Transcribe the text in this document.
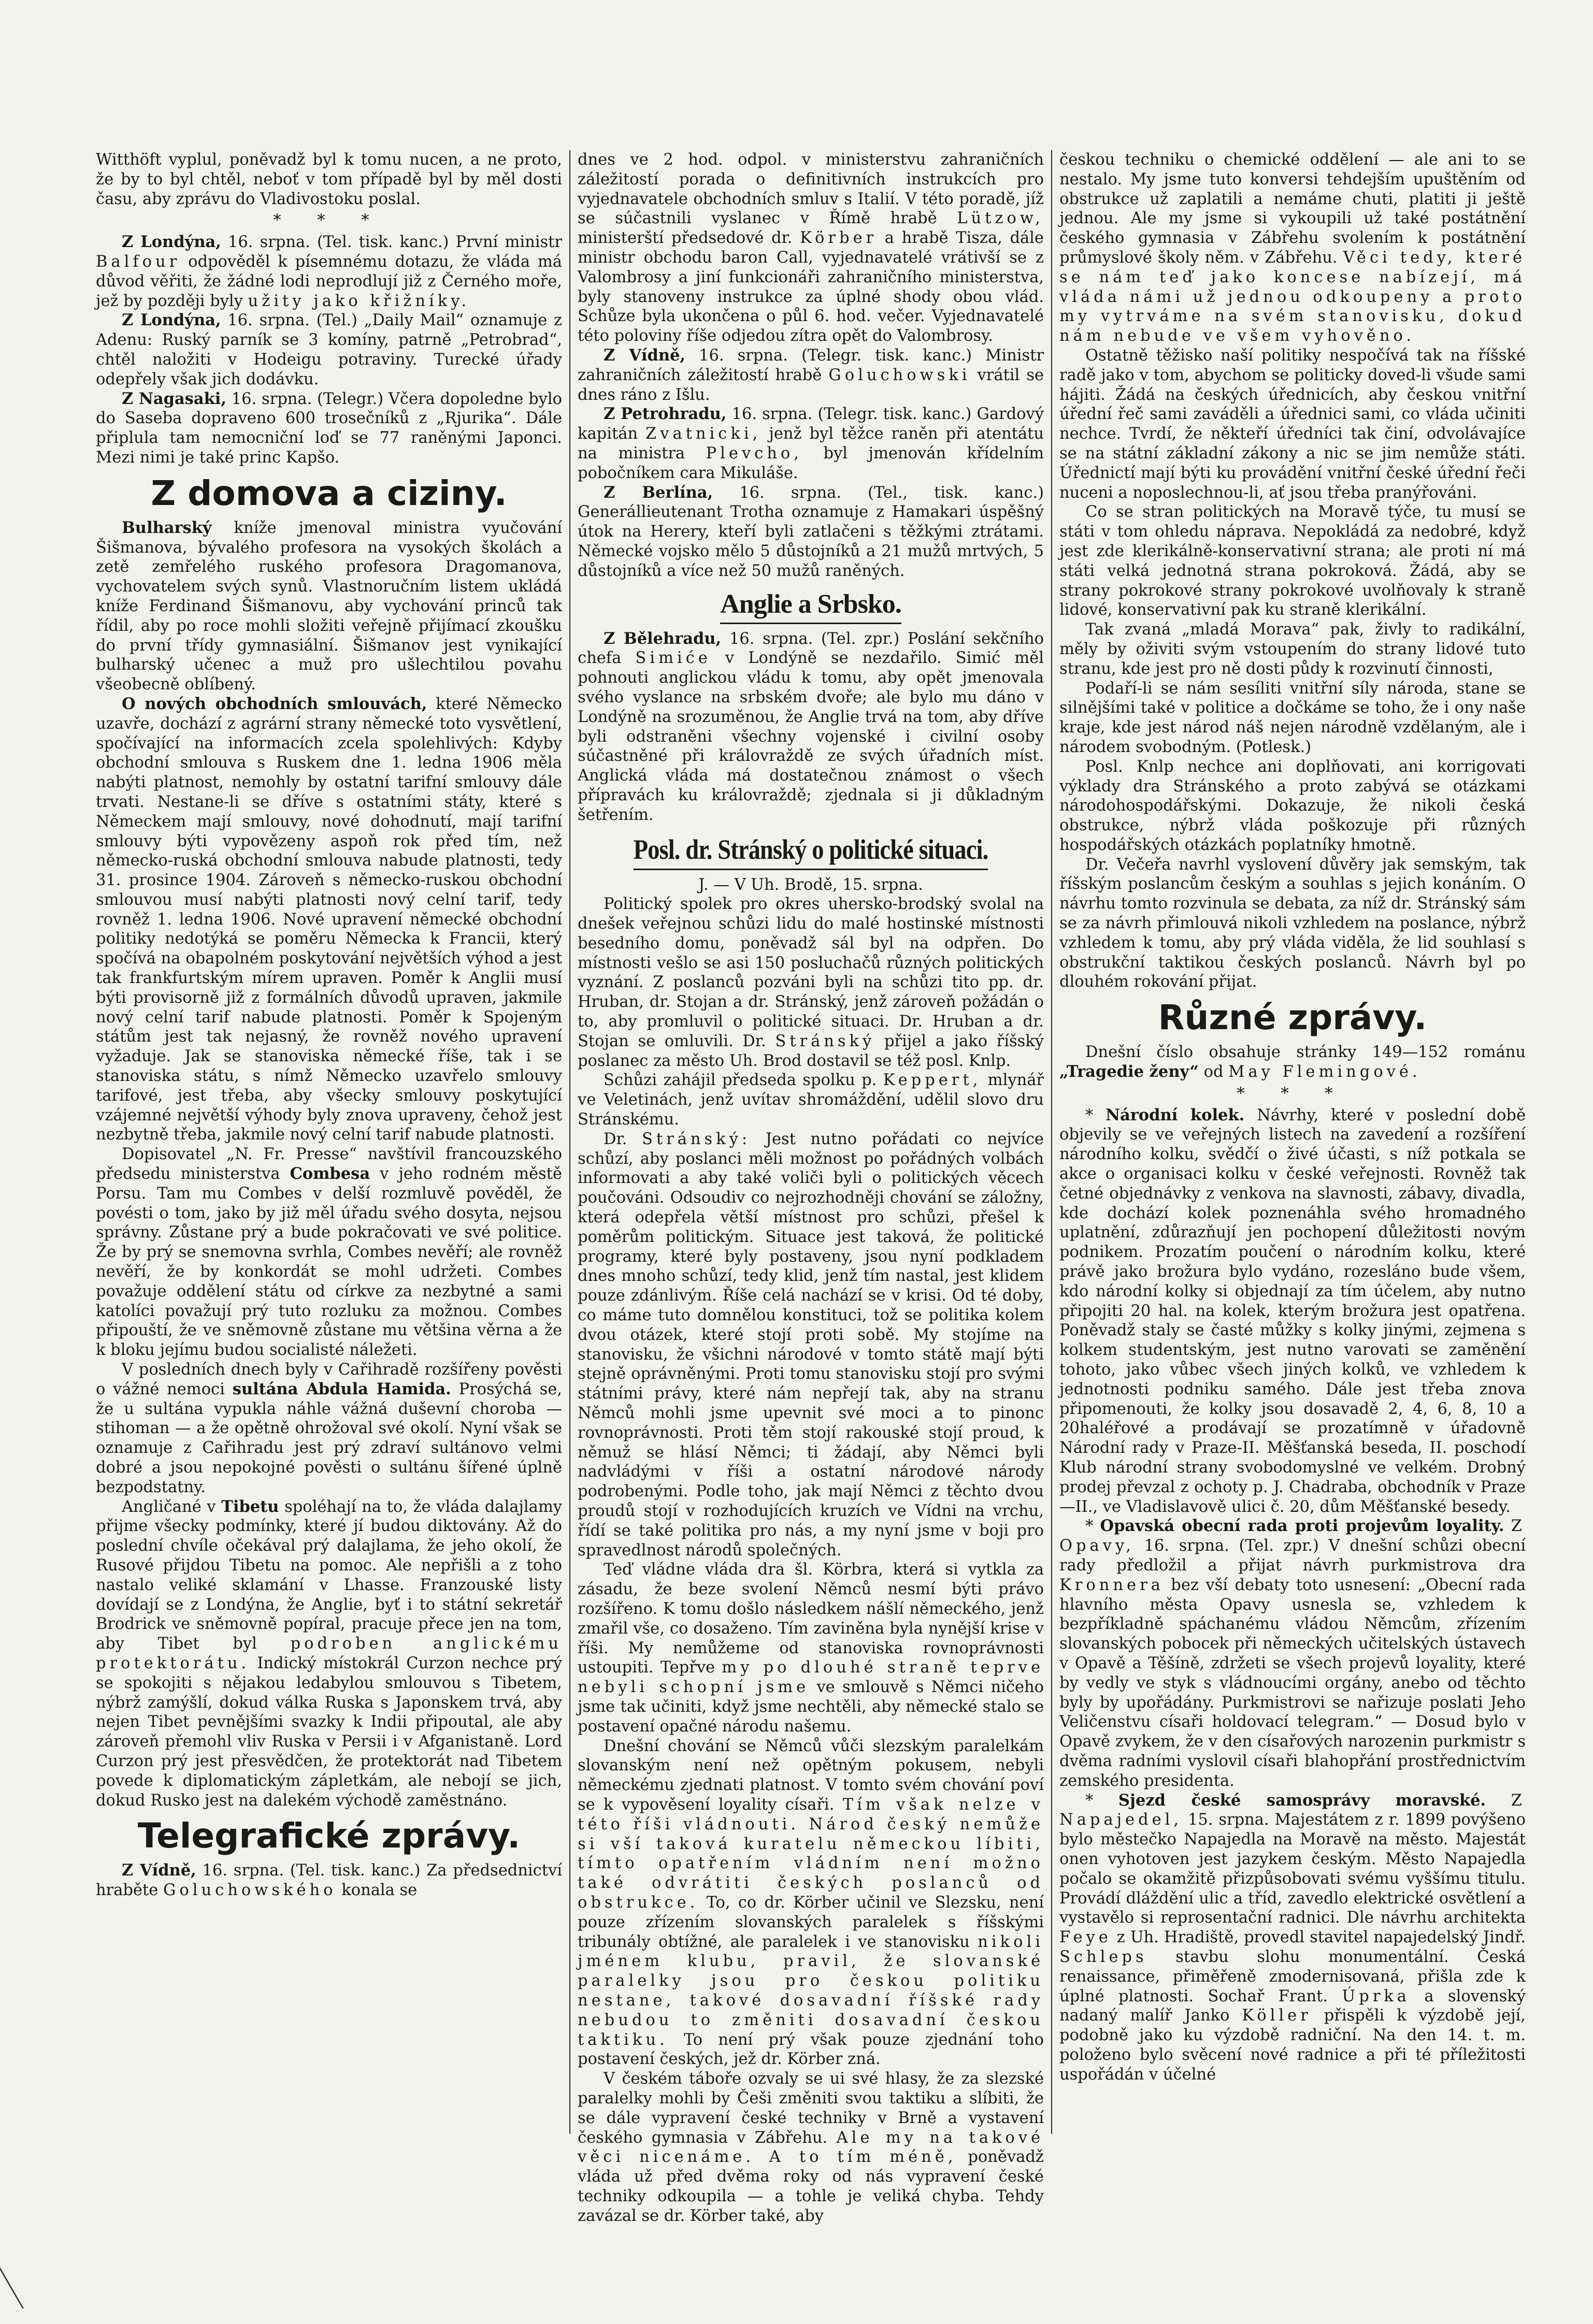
Witthöft vyplul, poněvadž byl k tomu nucen, a ne proto, že by to byl chtěl, neboť v tom případě byl by měl dosti času, aby zprávu do Vladivostoku poslal.

* * *

Z Londýna, 16. srpna. (Tel. tisk. kanc.) První ministr Balfour odpověděl k písemnému dotazu, že vláda má důvod věřiti, že žádné lodi neprodlují již z Černého moře, jež by později byly užity jako křižníky.

Z Londýna, 16. srpna. (Tel.) „Daily Mail“ oznamuje z Adenu: Ruský parník se 3 komíny, patrně „Petrobrad“, chtěl naložiti v Hodeigu potraviny. Turecké úřady odepřely však jich dodávku.

Z Nagasaki, 16. srpna. (Telegr.) Včera dopoledne bylo do Saseba dopraveno 600 trosečníků z „Rjurika“. Dále připlula tam nemocniční loď se 77 raněnými Japonci. Mezi nimi je také princ Kapšo.

Z domova a ciziny.

Bulharský kníže jmenoval ministra vyučování Šišmanova, bývalého profesora na vysokých školách a zetě zemřelého ruského profesora Dragomanova, vychovatelem svých synů. Vlastnoručním listem ukládá kníže Ferdinand Šišmanovu, aby vychování princů tak řídil, aby po roce mohli složiti veřejně přijímací zkoušku do první třídy gymnasiální. Šišmanov jest vynikající bulharský učenec a muž pro ušlechtilou povahu všeobecně oblíbený.

O nových obchodních smlouvách, které Německo uzavře, dochází z agrární strany německé toto vysvětlení, spočívající na informacích zcela spolehlivých: Kdyby obchodní smlouva s Ruskem dne 1. ledna 1906 měla nabýti platnost, nemohly by ostatní tarifní smlouvy dále trvati. Nestane-li se dříve s ostatními státy, které s Německem mají smlouvy, nové dohodnutí, mají tarifní smlouvy býti vypovězeny aspoň rok před tím, než německo-ruská obchodní smlouva nabude platnosti, tedy 31. prosince 1904. Zároveň s německo-ruskou obchodní smlouvou musí nabýti platnosti nový celní tarif, tedy rovněž 1. ledna 1906. Nové upravení německé obchodní politiky nedotýká se poměru Německa k Francii, který spočívá na obapolném poskytování největších výhod a jest tak frankfurtským mírem upraven. Poměr k Anglii musí býti provisorně již z formálních důvodů upraven, jakmile nový celní tarif nabude platnosti. Poměr k Spojeným státům jest tak nejasný, že rovněž nového upravení vyžaduje. Jak se stanoviska německé říše, tak i se stanoviska státu, s nímž Německo uzavřelo smlouvy tarifové, jest třeba, aby všecky smlouvy poskytující vzájemné největší výhody byly znova upraveny, čehož jest nezbytně třeba, jakmile nový celní tarif nabude platnosti.

Dopisovatel „N. Fr. Presse“ navštívil francouzského předsedu ministerstva Combesa v jeho rodném městě Porsu. Tam mu Combes v delší rozmluvě pověděl, že povésti o tom, jako by již měl úřadu svého dosyta, nejsou správny. Zůstane prý a bude pokračovati ve své politice. Že by prý se snemovna svrhla, Combes nevěří; ale rovněž nevěří, že by konkordát se mohl udržeti. Combes považuje oddělení státu od církve za nezbytné a sami katolíci považují prý tuto rozluku za možnou. Combes připouští, že ve sněmovně zůstane mu většina věrna a že k bloku jejímu budou socialisté náležeti.

V posledních dnech byly v Cařihradě rozšířeny pověsti o vážné nemoci sultána Abdula Hamida. Prosýchá se, že u sultána vypukla náhle vážná duševní choroba — stihoman — a že opětně ohrožoval své okolí. Nyní však se oznamuje z Cařihradu jest prý zdraví sultánovo velmi dobré a jsou nepokojné pověsti o sultánu šířené úplně bezpodstatny.

Angličané v Tibetu spoléhají na to, že vláda dalajlamy přijme všecky podmínky, které jí budou diktovány. Až do poslední chvíle očekával prý dalajlama, že jeho okolí, že Rusové přijdou Tibetu na pomoc. Ale nepřišli a z toho nastalo veliké sklamání v Lhasse. Franzouské listy dovídají se z Londýna, že Anglie, byť i to státní sekretář Brodrick ve sněmovně popíral, pracuje přece jen na tom, aby Tibet byl podroben anglickému protektorátu. Indický místokrál Curzon nechce prý se spokojiti s nějakou ledabylou smlouvou s Tibetem, nýbrž zamýšlí, dokud válka Ruska s Japonskem trvá, aby nejen Tibet pevnějšími svazky k Indii připoutal, ale aby zároveň přemohl vliv Ruska v Persii i v Afganistaně. Lord Curzon prý jest přesvědčen, že protektorát nad Tibetem povede k diplomatickým zápletkám, ale nebojí se jich, dokud Rusko jest na dalekém východě zaměstnáno.

Telegrafické zprávy.

Z Vídně, 16. srpna. (Tel. tisk. kanc.) Za předsednictví hraběte Goluchowského konala se

dnes ve 2 hod. odpol. v ministerstvu zahraničních záležitostí porada o definitivních instrukcích pro vyjednavatele obchodních smluv s Italií. V této poradě, jíž se súčastnili vyslanec v Římě hrabě Lützow, ministerští předsedové dr. Körber a hrabě Tisza, dále ministr obchodu baron Call, vyjednavatelé vrátivší se z Valombrosy a jiní funkcionáři zahraničního ministerstva, byly stanoveny instrukce za úplné shody obou vlád. Schůze byla ukončena o půl 6. hod. večer. Vyjednavatelé této poloviny říše odjedou zítra opět do Valombrosy.

Z Vídně, 16. srpna. (Telegr. tisk. kanc.) Ministr zahraničních záležitostí hrabě Goluchowski vrátil se dnes ráno z Išlu.

Z Petrohradu, 16. srpna. (Telegr. tisk. kanc.) Gardový kapitán Zvatnicki, jenž byl těžce raněn při atentátu na ministra Plevcho, byl jmenován křídelním pobočníkem cara Mikuláše.

Z Berlína, 16. srpna. (Tel., tisk. kanc.) Generállieutenant Trotha oznamuje z Hamakari úspěšný útok na Herery, kteří byli zatlačeni s těžkými ztrátami. Německé vojsko mělo 5 důstojníků a 21 mužů mrtvých, 5 důstojníků a více než 50 mužů raněných.

Anglie a Srbsko.

Z Bělehradu, 16. srpna. (Tel. zpr.) Poslání sekčního chefa Simiće v Londýně se nezdařilo. Simić měl pohnouti anglickou vládu k tomu, aby opět jmenovala svého vyslance na srbském dvoře; ale bylo mu dáno v Londýně na srozuměnou, že Anglie trvá na tom, aby dříve byli odstraněni všechny vojenské i civilní osoby súčastněné při královraždě ze svých úřadních míst. Anglická vláda má dostatečnou známost o všech přípravách ku královraždě; zjednala si ji důkladným šetřením.

Posl. dr. Stránský o politické situaci.

J. — V Uh. Brodě, 15. srpna.

Politický spolek pro okres uhersko-brodský svolal na dnešek veřejnou schůzi lidu do malé hostinské místnosti besedního domu, poněvadž sál byl na odpřen. Do místnosti vešlo se asi 150 posluchačů různých politických vyznání. Z poslanců pozváni byli na schůzi tito pp. dr. Hruban, dr. Stojan a dr. Stránský, jenž zároveň požádán o to, aby promluvil o politické situaci. Dr. Hruban a dr. Stojan se omluvili. Dr. Stránský přijel a jako říšský poslanec za město Uh. Brod dostavil se též posl. Knlp.

Schůzi zahájil předseda spolku p. Keppert, mlynář ve Veletinách, jenž uvítav shromáždění, udělil slovo dru Stránskému.

Dr. Stránský: Jest nutno pořádati co nejvíce schůzí, aby poslanci měli možnost po pořádných volbách informovati a aby také voliči byli o politických věcech poučováni. Odsoudiv co nejrozhodněji chování se záložny, která odepřela větší místnost pro schůzi, přešel k poměrům politickým. Situace jest taková, že politické programy, které byly postaveny, jsou nyní podkladem dnes mnoho schůzí, tedy klid, jenž tím nastal, jest klidem pouze zdánlivým. Říše celá nachází se v krisi. Od té doby, co máme tuto domnělou konstituci, tož se politika kolem dvou otázek, které stojí proti sobě. My stojíme na stanovisku, že všichni národové v tomto státě mají býti stejně oprávněnými. Proti tomu stanovisku stojí pro svými státními právy, které nám nepřejí tak, aby na stranu Němců mohli jsme upevnit své moci a to pinonc rovnoprávnosti. Proti těm stojí rakouské stojí proud, k němuž se hlásí Němci; ti žádají, aby Němci byli nadvládými v říši a ostatní národové národy podrobenými. Podle toho, jak mají Němci z těchto dvou proudů stojí v rozhodujících kruzích ve Vídni na vrchu, řídí se také politika pro nás, a my nyní jsme v boji pro spravedlnost národů společných.

Teď vládne vláda dra šl. Körbra, která si vytkla za zásadu, že beze svolení Němců nesmí býti právo rozšířeno. K tomu došlo následkem nášlí německého, jenž zmařil vše, co dosaženo. Tím zaviněna byla nynější krise v říši. My nemůžeme od stanoviska rovnoprávnosti ustoupiti. Tepřve my po dlouhé straně teprve nebyli schopní jsme ve smlouvě s Němci ničeho jsme tak učiniti, když jsme nechtěli, aby německé stalo se postavení opačné národu našemu.

Dnešní chování se Němců vůči slezským paralelkám slovanským není než opětným pokusem, nebyli německému zjednati platnost. V tomto svém chování poví se k vypověsení loyality císaři. Tím však nelze v této říši vládnouti. Národ český nemůže si vší taková kuratelu německou líbiti, tímto opatřením vládním není možno také odvrátiti českých poslanců od obstrukce. To, co dr. Körber učinil ve Slezsku, není pouze zřízením slovanských paralelek s říšskými tribunály obtížné, ale paralelek i ve stanovisku nikoli jménem klubu, pravil, že slovanské paralelky jsou pro českou politiku nestane, takové dosavadní říšské rady nebudou to změniti dosavadní českou taktiku. To není prý však pouze zjednání toho postavení českých, jež dr. Körber zná.

V českém táboře ozvaly se ui své hlasy, že za slezské paralelky mohli by Češi změniti svou taktiku a slíbiti, že se dále vypravení české techniky v Brně a vystavení českého gymnasia v Zábřehu. Ale my na takové věci nicenáme. A to tím méně, poněvadž vláda už před dvěma roky od nás vypravení české techniky odkoupila — a tohle je veliká chyba. Tehdy zavázal se dr. Körber také, aby

českou techniku o chemické oddělení — ale ani to se nestalo. My jsme tuto konversi tehdejším upuštěním od obstrukce už zaplatili a nemáme chuti, platiti ji ještě jednou. Ale my jsme si vykoupili už také postátnění českého gymnasia v Zábřehu svolením k postátnění průmyslové školy něm. v Zábřehu. Věci tedy, které se nám teď jako koncese nabízejí, má vláda námi už jednou odkoupeny a proto my vytrváme na svém stanovisku, dokud nám nebude ve všem vyhověno.

Ostatně těžisko naší politiky nespočívá tak na říšské radě jako v tom, abychom se politicky doved-li všude sami hájiti. Žádá na českých úřednicích, aby českou vnitřní úřední řeč sami zaváděli a úřednici sami, co vláda učiniti nechce. Tvrdí, že někteří úředníci tak činí, odvolávajíce se na státní základní zákony a nic se jim nemůže státi. Úřednictí mají býti ku provádění vnitřní české úřední řeči nuceni a noposlechnou-li, ať jsou třeba pranýřováni.

Co se stran politických na Moravě týče, tu musí se státi v tom ohledu náprava. Nepokládá za nedobré, když jest zde klerikálně-konservativní strana; ale proti ní má státi velká jednotná strana pokroková. Žádá, aby se strany pokrokové strany pokrokové uvolňovaly k straně lidové, konservativní pak ku straně klerikální.

Tak zvaná „mladá Morava“ pak, živly to radikální, měly by oživiti svým vstoupením do strany lidové tuto stranu, kde jest pro ně dosti půdy k rozvinutí činnosti,

Podaří-li se nám sesíliti vnitřní síly národa, stane se silnějšími také v politice a dočkáme se toho, že i ony naše kraje, kde jest národ náš nejen národně vzdělaným, ale i národem svobodným. (Potlesk.)

Posl. Knlp nechce ani doplňovati, ani korrigovati výklady dra Stránského a proto zabývá se otázkami národohospodářskými. Dokazuje, že nikoli česká obstrukce, nýbrž vláda poškozuje při různých hospodářských otázkách poplatníky hmotně.

Dr. Večeřa navrhl vyslovení důvěry jak semským, tak říšským poslancům českým a souhlas s jejich konáním. O návrhu tomto rozvinula se debata, za níž dr. Stránský sám se za návrh přimlouvá nikoli vzhledem na poslance, nýbrž vzhledem k tomu, aby prý vláda viděla, že lid souhlasí s obstrukční taktikou českých poslanců. Návrh byl po dlouhém rokování přijat.

Různé zprávy.

Dnešní číslo obsahuje stránky 149—152 románu „Tragedie ženy“ od May Flemingové.

* * *

* Národní kolek. Návrhy, které v poslední době objevily se ve veřejných listech na zavedení a rozšíření národního kolku, svědčí o živé účasti, s níž potkala se akce o organisaci kolku v české veřejnosti. Rovněž tak četné objednávky z venkova na slavnosti, zábavy, divadla, kde dochází kolek poznenáhla svého hromadného uplatnění, zdůrazňují jen pochopení důležitosti novým podnikem. Prozatím poučení o národním kolku, které právě jako brožura bylo vydáno, rozesláno bude všem, kdo národní kolky si objednají za tím účelem, aby nutno připojiti 20 hal. na kolek, kterým brožura jest opatřena. Poněvadž staly se časté můžky s kolky jinými, zejmena s kolkem studentským, jest nutno varovati se zaměnění tohoto, jako vůbec všech jiných kolků, ve vzhledem k jednotnosti podniku samého. Dále jest třeba znova připomenouti, že kolky jsou dosavadě 2, 4, 6, 8, 10 a 20haléřové a prodávají se prozatímně v úřadovně Národní rady v Praze-II. Měšťanská beseda, II. poschodí Klub národní strany svobodomyslné ve velkém. Drobný prodej převzal z ochoty p. J. Chadraba, obchodník v Praze—II., ve Vladislavově ulici č. 20, dům Měšťanské besedy.

* Opavská obecní rada proti projevům loyality. Z Opavy, 16. srpna. (Tel. zpr.) V dnešní schůzi obecní rady předložil a přijat návrh purkmistrova dra Kronnera bez vší debaty toto usnesení: „Obecní rada hlavního města Opavy usnesla se, vzhledem k bezpříkladně spáchanému vládou Němcům, zřízením slovanských pobocek při německých učitelských ústavech v Opavě a Těšíně, zdržeti se všech projevů loyality, které by vedly ve styk s vládnoucími orgány, anebo od těchto byly by upořádány. Purkmistrovi se nařizuje poslati Jeho Veličenstvu císaři holdovací telegram.“ — Dosud bylo v Opavě zvykem, že v den císařových narozenin purkmistr s dvěma radními vyslovil císaři blahopřání prostřednictvím zemského presidenta.

* Sjezd české samosprávy moravské. Z Napajedel, 15. srpna. Majestátem z r. 1899 povýšeno bylo městečko Napajedla na Moravě na město. Majestát onen vyhotoven jest jazykem českým. Město Napajedla počalo se okamžitě přizpůsobovati svému vyššímu titulu. Provádí dláždění ulic a tříd, zavedlo elektrické osvětlení a vystavělo si reprosentační radnici. Dle návrhu architekta Feye z Uh. Hradiště, provedl stavitel napajedelský Jindř. Schleps stavbu slohu monumentální. Česká renaissance, přiměřeně zmodernisovaná, přišla zde k úplné platnosti. Sochař Frant. Úprka a slovenský nadaný malíř Janko Köller přispěli k výzdobě její, podobně jako ku výzdobě radniční. Na den 14. t. m. položeno bylo svěcení nové radnice a při té příležitosti uspořádán v účelné
